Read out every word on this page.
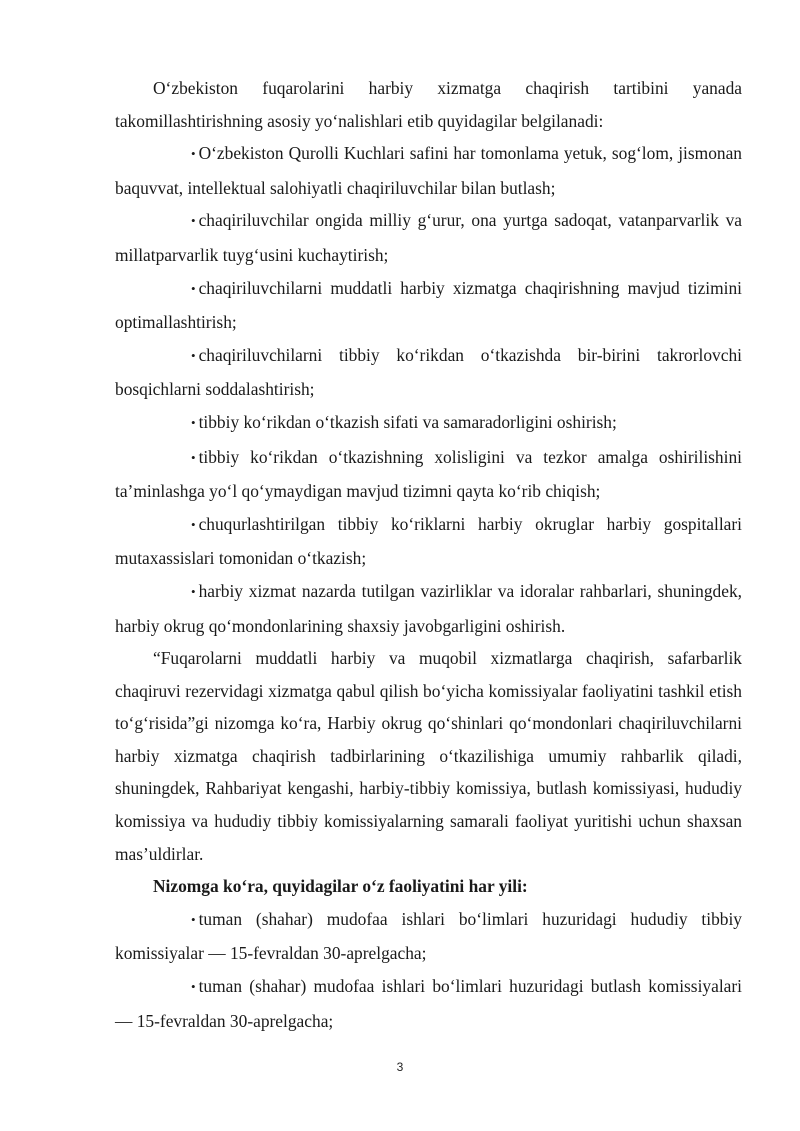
O‘zbekiston fuqarolarini harbiy xizmatga chaqirish tartibini yanada takomillashtirishning asosiy yo‘nalishlari etib quyidagilar belgilanadi:

• O‘zbekiston Qurolli Kuchlari safini har tomonlama yetuk, sog‘lom, jismonan baquvvat, intellektual salohiyatli chaqiriluvchilar bilan butlash;

• chaqiriluvchilar ongida milliy g‘urur, ona yurtga sadoqat, vatanparvarlik va millatparvarlik tuyg‘usini kuchaytirish;

• chaqiriluvchilarni muddatli harbiy xizmatga chaqirishning mavjud tizimini optimallashtirish;

• chaqiriluvchilarni tibbiy ko‘rikdan o‘tkazishda bir-birini takrorlovchi bosqichlarni soddalashtirish;

• tibbiy ko‘rikdan o‘tkazish sifati va samaradorligini oshirish;

• tibbiy ko‘rikdan o‘tkazishning xolisligini va tezkor amalga oshirilishini ta’minlashga yo‘l qo‘ymaydigan mavjud tizimni qayta ko‘rib chiqish;

• chuqurlashtirilgan tibbiy ko‘riklarni harbiy okruglar harbiy gospitallari mutaxassislari tomonidan o‘tkazish;

• harbiy xizmat nazarda tutilgan vazirliklar va idoralar rahbarlari, shuningdek, harbiy okrug qo‘mondonlarining shaxsiy javobgarligini oshirish.

“Fuqarolarni muddatli harbiy va muqobil xizmatlarga chaqirish, safarbarlik chaqiruvi rezervidagi xizmatga qabul qilish bo‘yicha komissiyalar faoliyatini tashkil etish to‘g‘risida”gi nizomga ko‘ra, Harbiy okrug qo‘shinlari qo‘mondonlari chaqiriluvchilarni harbiy xizmatga chaqirish tadbirlarining o‘tkazilishiga umumiy rahbarlik qiladi, shuningdek, Rahbariyat kengashi, harbiy-tibbiy komissiya, butlash komissiyasi, hududiy komissiya va hududiy tibbiy komissiyalarning samarali faoliyat yuritishi uchun shaxsan mas’uldirlar.

Nizomga ko‘ra, quyidagilar o‘z faoliyatini har yili:

• tuman (shahar) mudofaa ishlari bo‘limlari huzuridagi hududiy tibbiy komissiyalar — 15-fevraldan 30-aprelgacha;

• tuman (shahar) mudofaa ishlari bo‘limlari huzuridagi butlash komissiyalari — 15-fevraldan 30-aprelgacha;

3
